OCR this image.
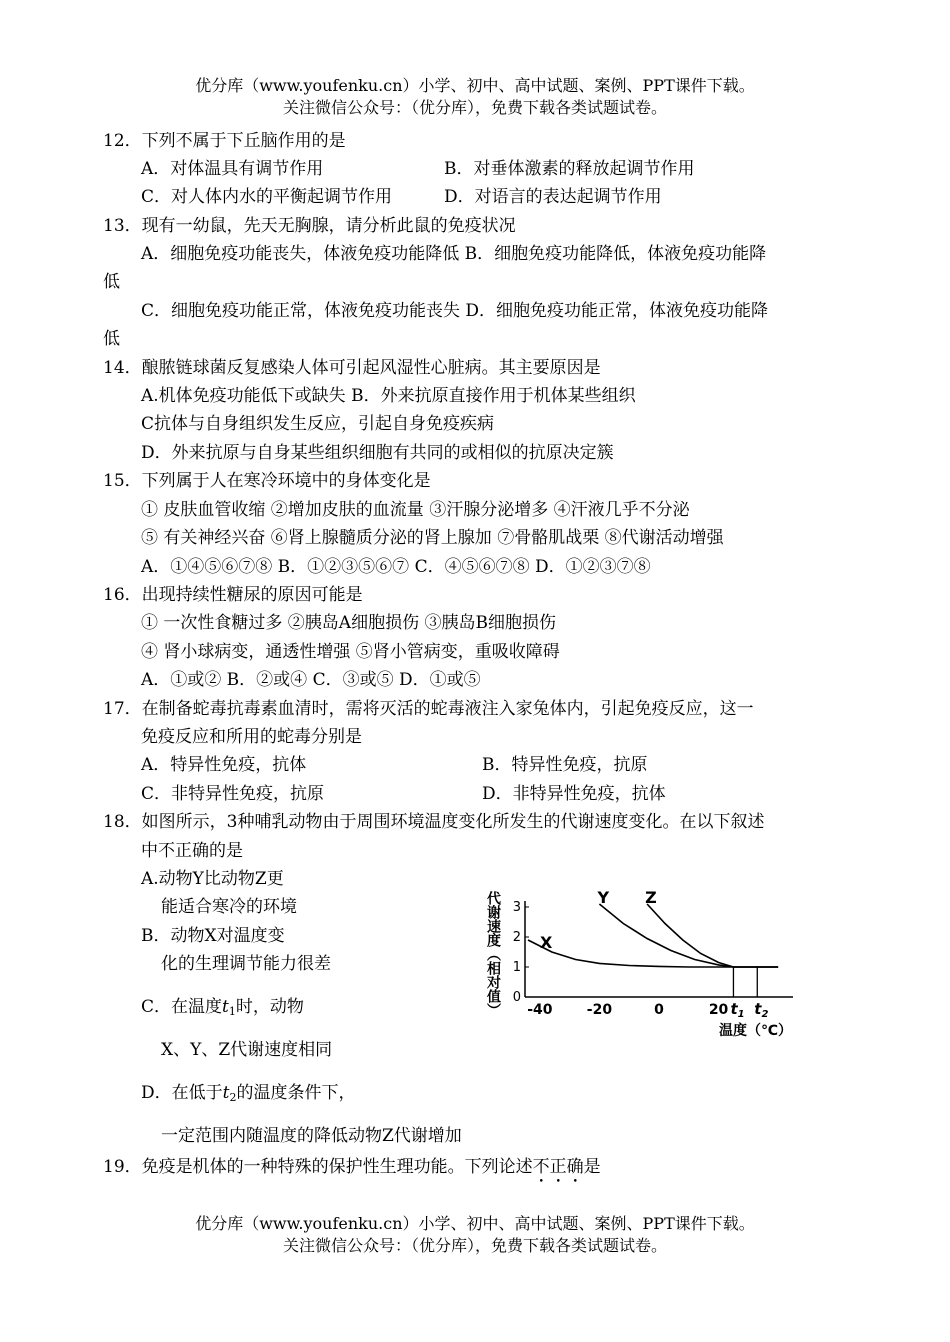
优分库（www.youfenku.cn）小学、初中、高中试题、案例、PPT课件下载。
关注微信公众号：（优分库），免费下载各类试题试卷。
12．下列不属于下丘脑作用的是
A．对体温具有调节作用	B．对垂体激素的释放起调节作用
C．对人体内水的平衡起调节作用	D．对语言的表达起调节作用
13．现有一幼鼠，先天无胸腺，请分析此鼠的免疫状况
A．细胞免疫功能丧失，体液免疫功能降低 B．细胞免疫功能降低，体液免疫功能降
低
C．细胞免疫功能正常，体液免疫功能丧失 D．细胞免疫功能正常，体液免疫功能降
低
14．酿脓链球菌反复感染人体可引起风湿性心脏病。其主要原因是
A.机体免疫功能低下或缺失 B．外来抗原直接作用于机体某些组织
C抗体与自身组织发生反应，引起自身免疫疾病
D．外来抗原与自身某些组织细胞有共同的或相似的抗原决定簇
15．下列属于人在寒冷环境中的身体变化是
① 皮肤血管收缩 ②增加皮肤的血流量 ③汗腺分泌增多 ④汗液几乎不分泌
⑤ 有关神经兴奋 ⑥肾上腺髓质分泌的肾上腺加 ⑦骨骼肌战栗 ⑧代谢活动增强
A．①④⑤⑥⑦⑧ B．①②③⑤⑥⑦ C．④⑤⑥⑦⑧ D．①②③⑦⑧
16．出现持续性糖尿的原因可能是
① 一次性食糖过多 ②胰岛A细胞损伤 ③胰岛B细胞损伤
④ 肾小球病变，通透性增强 ⑤肾小管病变，重吸收障碍
A．①或② B．②或④ C．③或⑤ D．①或⑤
17．在制备蛇毒抗毒素血清时，需将灭活的蛇毒液注入家兔体内，引起免疫反应，这一
免疫反应和所用的蛇毒分别是
A．特异性免疫，抗体	B．特异性免疫，抗原
C．非特异性免疫，抗原	D．非特异性免疫，抗体
18．如图所示，3种哺乳动物由于周围环境温度变化所发生的代谢速度变化。在以下叙述
中不正确的是
A.动物Y比动物Z更
能适合寒冷的环境
B．动物X对温度变
化的生理调节能力很差
C．在温度$t_1$时，动物
X、Y、Z代谢速度相同
D．在低于$t_2$的温度条件下，
一定范围内随温度的降低动物Z代谢增加
代谢速度（相对值） 0
1
2
3
-40 -20	0	20 $t_1$ $t_2$
温度（℃）
X
Y Z
19．免疫是机体的一种特殊的保护性生理功能。下列论述不正确是
优分库（www.youfenku.cn）小学、初中、高中试题、案例、PPT课件下载。
关注微信公众号：（优分库），免费下载各类试题试卷。
